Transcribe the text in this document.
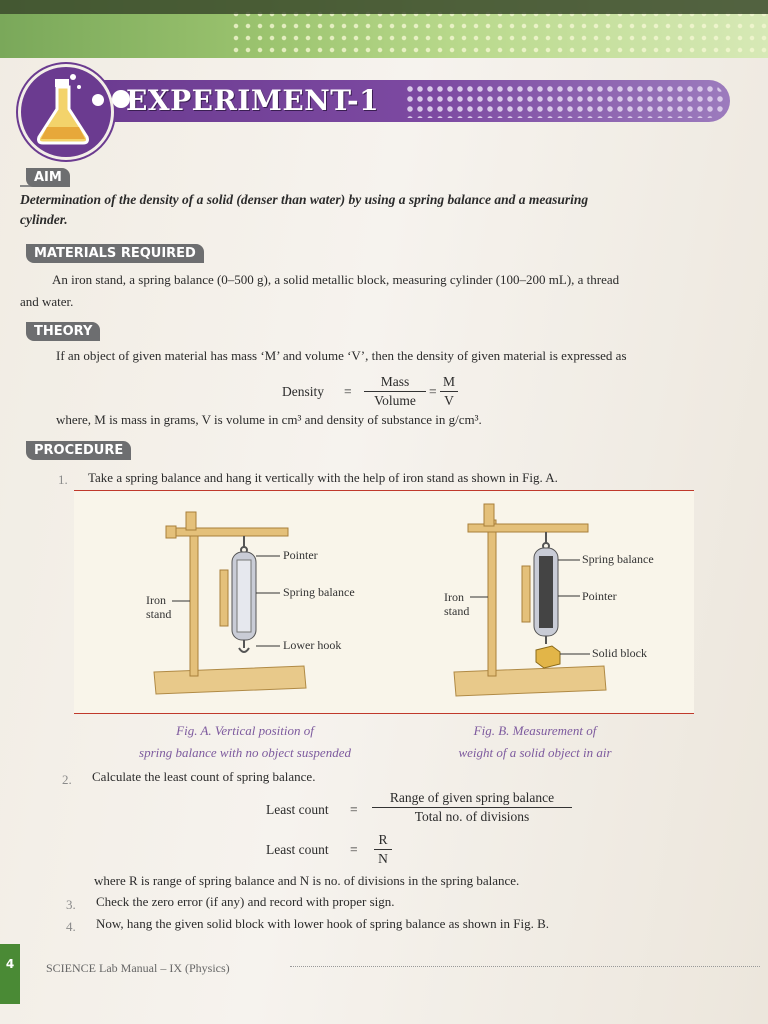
EXPERIMENT-1
AIM
Determination of the density of a solid (denser than water) by using a spring balance and a measuring
cylinder.
MATERIALS REQUIRED
An iron stand, a spring balance (0–500 g), a solid metallic block, measuring cylinder (100–200 mL), a thread
and water.
THEORY
If an object of given material has mass ‘M’ and volume ‘V’, then the density of given material is expressed as
Density =
Mass
Volume
= $\frac{M}{V}$
where, M is mass in grams, V is volume in cm³ and density of substance in g/cm³.
PROCEDURE
1. Take a spring balance and hang it vertically with the help of iron stand as shown in Fig. A.
Pointer
Spring balance
Lower hook
Iron
stand
Spring balance
Pointer
Solid block
Iron
stand
Fig. A. Vertical position of
spring balance with no object suspended
Fig. B. Measurement of
weight of a solid object in air
2. Calculate the least count of spring balance.
Least count =
Range of given spring balance
Total no. of divisions
Least count = $\frac{R}{N}$
where R is range of spring balance and N is no. of divisions in the spring balance.
3. Check the zero error (if any) and record with proper sign.
4. Now, hang the given solid block with lower hook of spring balance as shown in Fig. B.
4	SCIENCE Lab Manual – IX (Physics)
